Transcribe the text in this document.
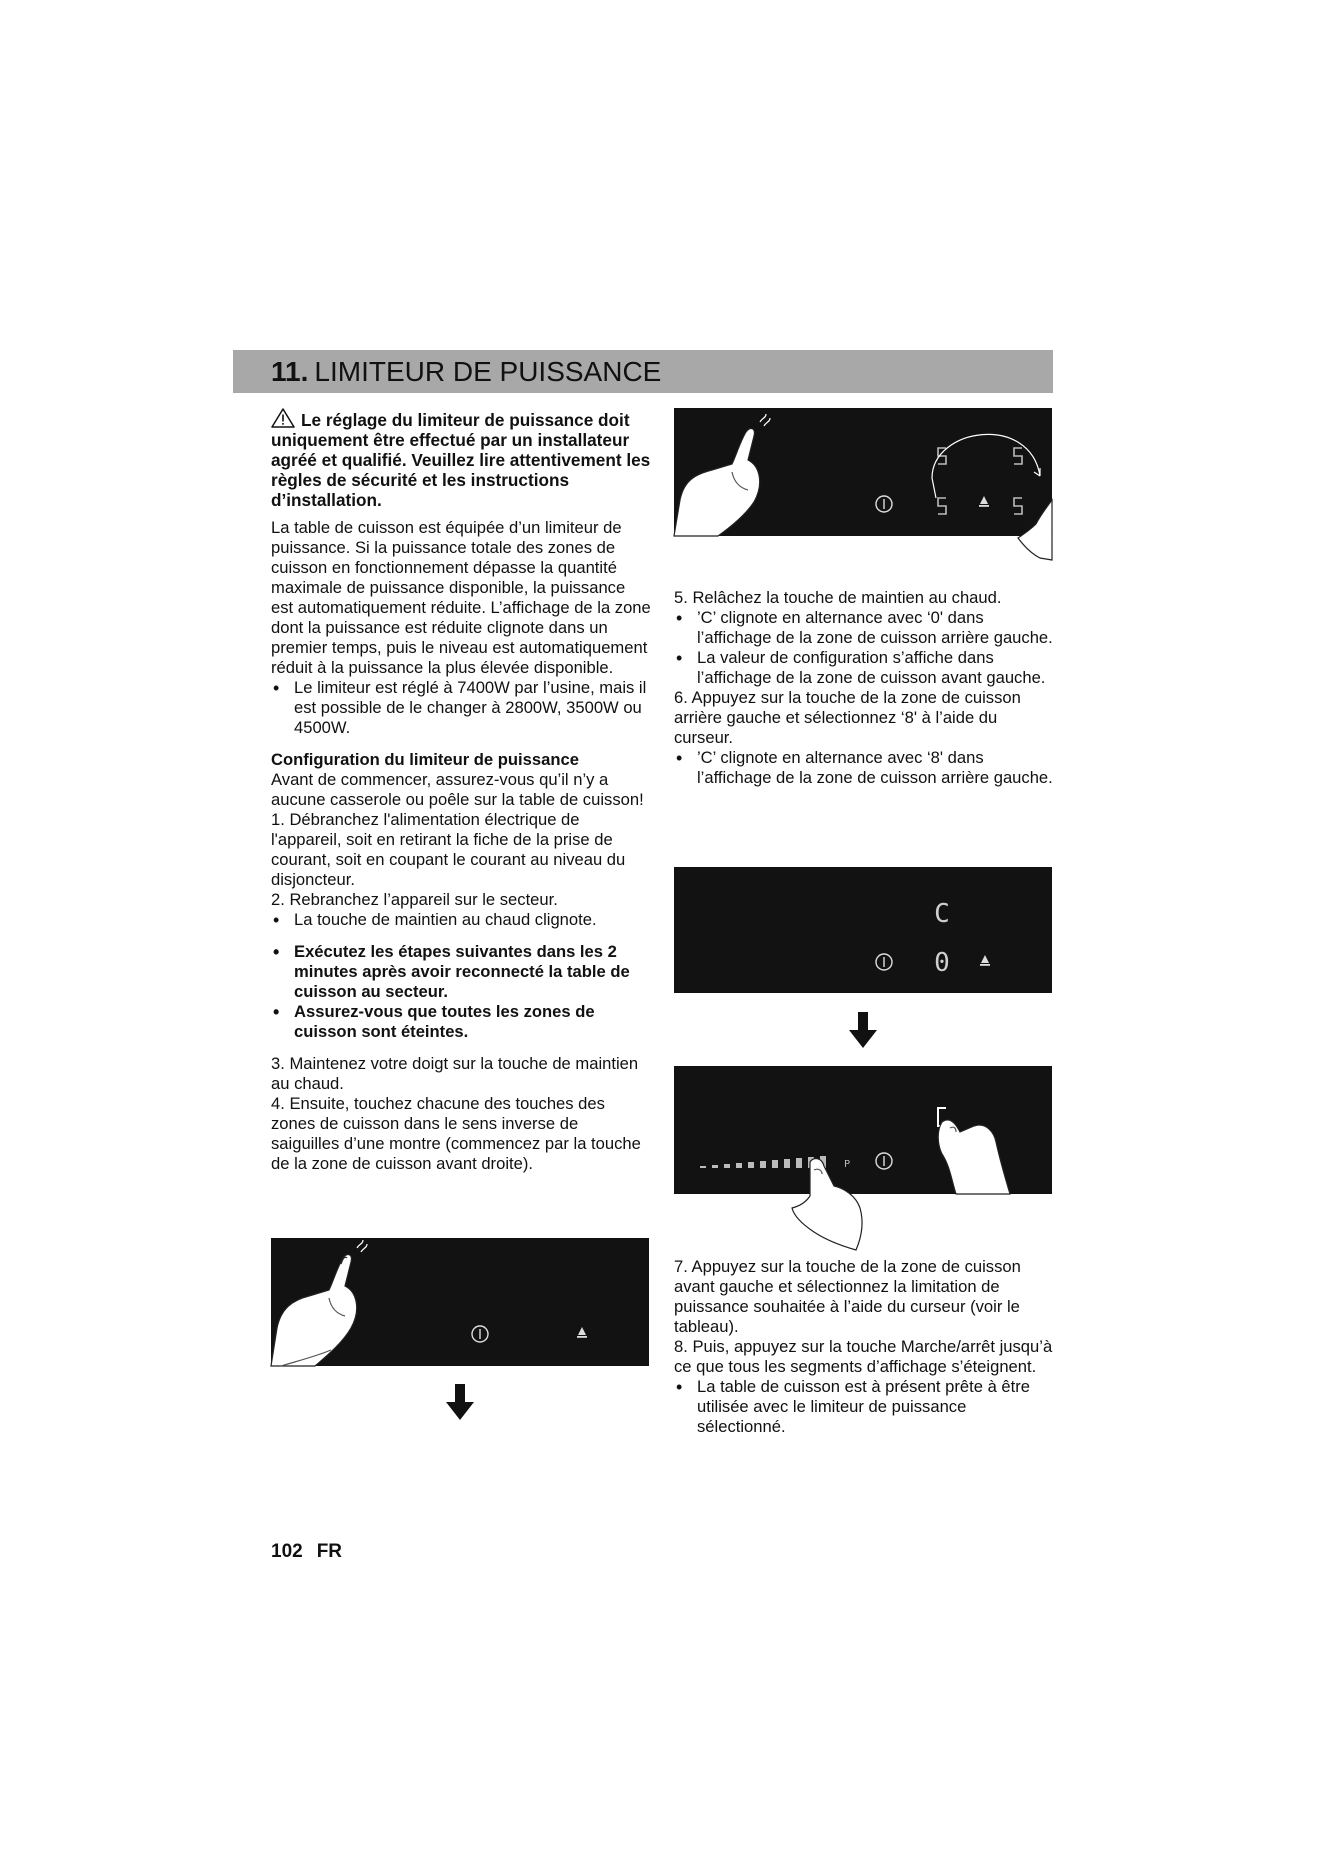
11. LIMITEUR DE PUISSANCE

Le réglage du limiteur de puissance doit uniquement être effectué par un installateur agréé et qualifié. Veuillez lire attentivement les règles de sécurité et les instructions d’installation.

La table de cuisson est équipée d’un limiteur de puissance. Si la puissance totale des zones de cuisson en fonctionnement dépasse la quantité maximale de puissance disponible, la puissance est automatiquement réduite. L’affichage de la zone dont la puissance est réduite clignote dans un premier temps, puis le niveau est automatiquement réduit à la puissance la plus élevée disponible.

• Le limiteur est réglé à 7400W par l’usine, mais il est possible de le changer à 2800W, 3500W ou 4500W.

Configuration du limiteur de puissance

Avant de commencer, assurez-vous qu’il n’y a aucune casserole ou poêle sur la table de cuisson!

1. Débranchez l'alimentation électrique de l'appareil, soit en retirant la fiche de la prise de courant, soit en coupant le courant au niveau du disjoncteur.

2. Rebranchez l’appareil sur le secteur.

• La touche de maintien au chaud clignote.
• Exécutez les étapes suivantes dans les 2 minutes après avoir reconnecté la table de cuisson au secteur.
• Assurez-vous que toutes les zones de cuisson sont éteintes.

3. Maintenez votre doigt sur la touche de maintien au chaud.

4. Ensuite, touchez chacune des touches des zones de cuisson dans le sens inverse de saiguilles d’une montre (commencez par la touche de la zone de cuisson avant droite).

5. Relâchez la touche de maintien au chaud.

• ’C’ clignote en alternance avec ‘0' dans l’affichage de la zone de cuisson arrière gauche.
• La valeur de configuration s’affiche dans l’affichage de la zone de cuisson avant gauche.

6. Appuyez sur la touche de la zone de cuisson arrière gauche et sélectionnez ‘8' à l’aide du curseur.

• ’C’ clignote en alternance avec ‘8' dans l’affichage de la zone de cuisson arrière gauche.
C
0
P

7. Appuyez sur la touche de la zone de cuisson avant gauche et sélectionnez la limitation de puissance souhaitée à l’aide du curseur (voir le tableau).

8. Puis, appuyez sur la touche Marche/arrêt jusqu’à ce que tous les segments d’affichage s’éteignent.

• La table de cuisson est à présent prête à être utilisée avec le limiteur de puissance sélectionné.
102 FR
